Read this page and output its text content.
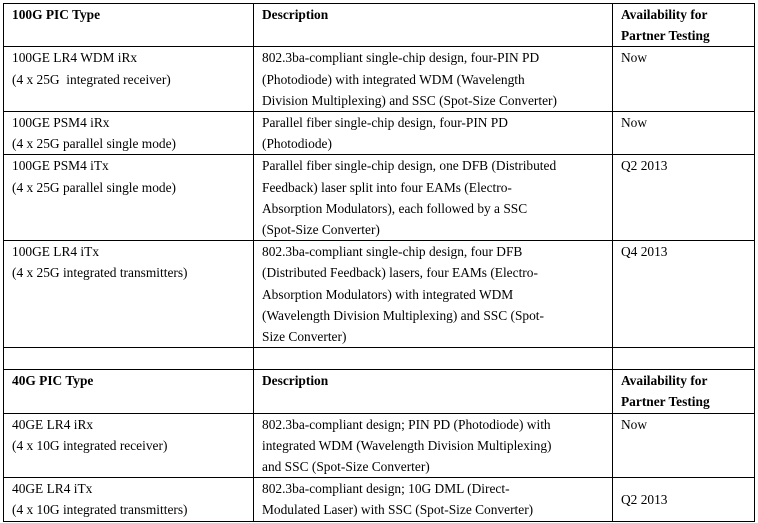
100G PIC Type	Description	Availability for
Partner Testing

100GE LR4 WDM iRx
(4 x 25G  integrated receiver)	802.3ba-compliant single-chip design, four-PIN PD
(Photodiode) with integrated WDM (Wavelength
Division Multiplexing) and SSC (Spot-Size Converter)	Now

100GE PSM4 iRx
(4 x 25G parallel single mode)	Parallel fiber single-chip design, four-PIN PD
(Photodiode)	Now

100GE PSM4 iTx
(4 x 25G parallel single mode)	Parallel fiber single-chip design, one DFB (Distributed
Feedback) laser split into four EAMs (Electro-
Absorption Modulators), each followed by a SSC
(Spot-Size Converter)	Q2 2013

100GE LR4 iTx
(4 x 25G integrated transmitters)	802.3ba-compliant single-chip design, four DFB
(Distributed Feedback) lasers, four EAMs (Electro-
Absorption Modulators) with integrated WDM
(Wavelength Division Multiplexing) and SSC (Spot-
Size Converter)	Q4 2013

40G PIC Type	Description	Availability for
Partner Testing

40GE LR4 iRx
(4 x 10G integrated receiver)	802.3ba-compliant design; PIN PD (Photodiode) with
integrated WDM (Wavelength Division Multiplexing)
and SSC (Spot-Size Converter)	Now

40GE LR4 iTx
(4 x 10G integrated transmitters)	802.3ba-compliant design; 10G DML (Direct-
Modulated Laser) with SSC (Spot-Size Converter)	Q2 2013
